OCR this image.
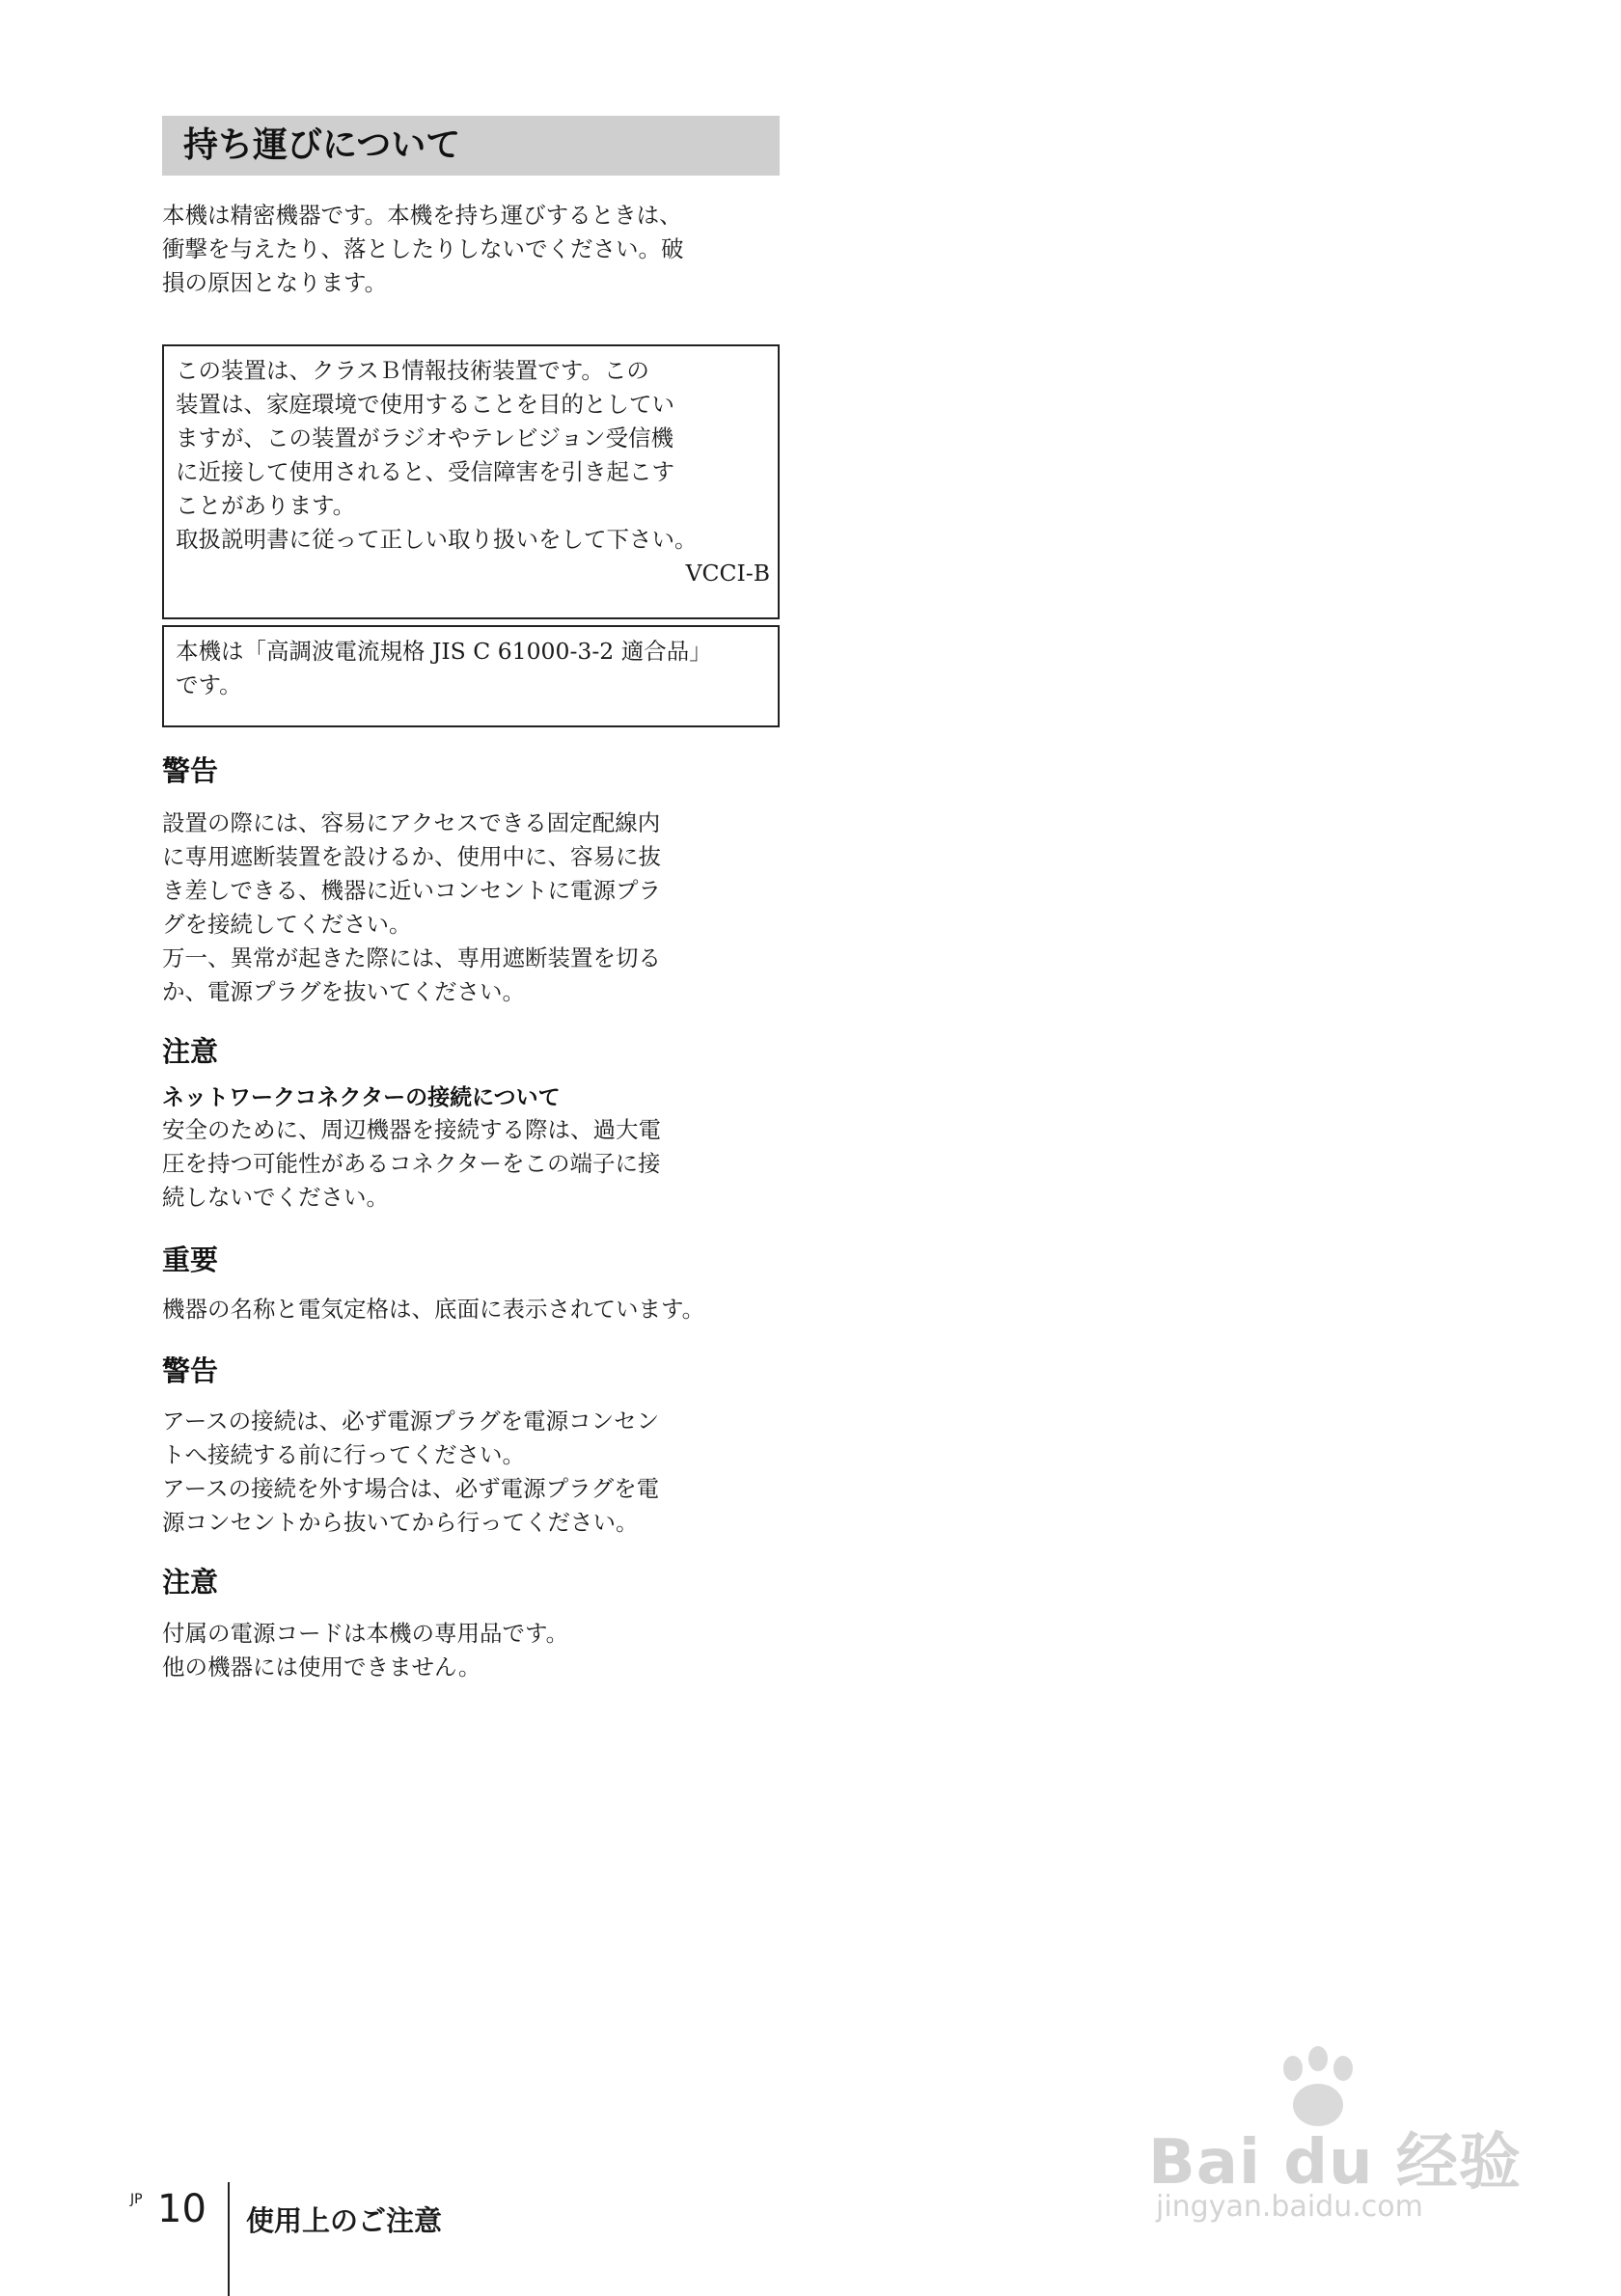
持ち運びについて

本機は精密機器です。本機を持ち運びするときは、
衝撃を与えたり、落としたりしないでください。破
損の原因となります。

この装置は、クラスＢ情報技術装置です。この
装置は、家庭環境で使用することを目的としてい
ますが、この装置がラジオやテレビジョン受信機
に近接して使用されると、受信障害を引き起こす
ことがあります。
取扱説明書に従って正しい取り扱いをして下さい。

VCCI-B

本機は「高調波電流規格 JIS C 61000-3-2 適合品」
です。

警告

設置の際には、容易にアクセスできる固定配線内
に専用遮断装置を設けるか、使用中に、容易に抜
き差しできる、機器に近いコンセントに電源プラ
グを接続してください。
万一、異常が起きた際には、専用遮断装置を切る
か、電源プラグを抜いてください。

注意
ネットワークコネクターの接続について

安全のために、周辺機器を接続する際は、過大電
圧を持つ可能性があるコネクターをこの端子に接
続しないでください。

重要

機器の名称と電気定格は、底面に表示されています。

警告

アースの接続は、必ず電源プラグを電源コンセン
トへ接続する前に行ってください。
アースの接続を外す場合は、必ず電源プラグを電
源コンセントから抜いてから行ってください。

注意

付属の電源コードは本機の専用品です。
他の機器には使用できません。

JP 10 使用上のご注意
Bai du 经验
jingyan.baidu.com
